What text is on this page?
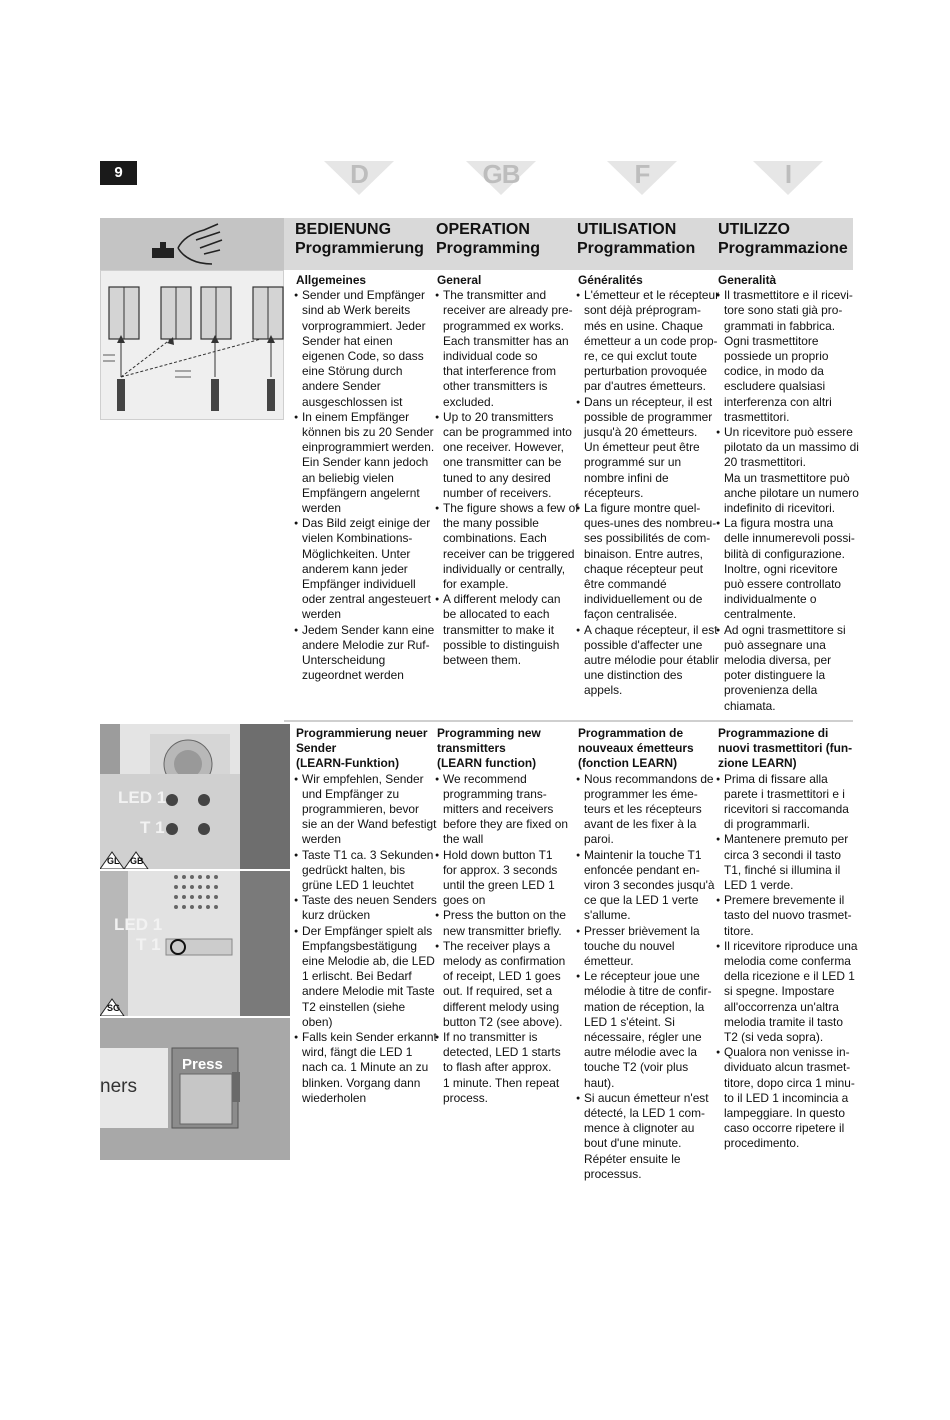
9	D	GB	F	I
BEDIENUNG
Programmierung
OPERATION
Programming
UTILISATION
Programmation
UTILIZZO
Programmazione
Allgemeines
● Sender und Empfänger
sind ab Werk bereits
vorprogrammiert. Jeder
Sender hat einen
eigenen Code, so dass
eine Störung durch
andere Sender
ausgeschlossen ist
● In einem Empfänger
können bis zu 20 Sender
einprogrammiert werden.
Ein Sender kann jedoch
an beliebig vielen
Empfängern angelernt
werden
● Das Bild zeigt einige der
vielen Kombinations-
Möglichkeiten. Unter
anderem kann jeder
Empfänger individuell
oder zentral angesteuert
werden
● Jedem Sender kann eine
andere Melodie zur Ruf-
Unterscheidung
zugeordnet werden
General
● The transmitter and
receiver are already pre-
programmed ex works.
Each transmitter has an
individual code so
that interference from
other transmitters is
excluded.
● Up to 20 transmitters
can be programmed into
one receiver. However,
one transmitter can be
tuned to any desired
number of receivers.
● The figure shows a few of
the many possible
combinations. Each
receiver can be triggered
individually or centrally,
for example.
● A different melody can
be allocated to each
transmitter to make it
possible to distinguish
between them.
Généralités
● L'émetteur et le récepteur
sont déjà préprogram-
més en usine. Chaque
émetteur a un code prop-
re, ce qui exclut toute
perturbation provoquée
par d'autres émetteurs.
● Dans un récepteur, il est
possible de programmer
jusqu'à 20 émetteurs.
Un émetteur peut être
programmé sur un
nombre infini de
récepteurs.
● La figure montre quel-
ques-unes des nombreu-
ses possibilités de com-
binaison. Entre autres,
chaque récepteur peut
être commandé
individuellement ou de
façon centralisée.
● A chaque récepteur, il est
possible d'affecter une
autre mélodie pour établir
une distinction des
appels.
Generalità
● Il trasmettitore e il ricevi-
tore sono stati già pro-
grammati in fabbrica.
Ogni trasmettitore
possiede un proprio
codice, in modo da
escludere qualsiasi
interferenza con altri
trasmettitori.
● Un ricevitore può essere
pilotato da un massimo di
20 trasmettitori.
Ma un trasmettitore può
anche pilotare un numero
indefinito di ricevitori.
● La figura mostra una
delle innumerevoli possi-
bilità di configurazione.
Inoltre, ogni ricevitore
può essere controllato
individualmente o
centralmente.
● Ad ogni trasmettitore si
può assegnare una
melodia diversa, per
poter distinguere la
provenienza della
chiamata.
LED 1
T 1
GL GB
LED 1
T 1
SG
ners
Press
Programmierung neuer
Sender
(LEARN-Funktion)
● Wir empfehlen, Sender
und Empfänger zu
programmieren, bevor
sie an der Wand befestigt
werden
● Taste T1 ca. 3 Sekunden
gedrückt halten, bis
grüne LED 1 leuchtet
● Taste des neuen Senders
kurz drücken
● Der Empfänger spielt als
Empfangsbestätigung
eine Melodie ab, die LED
1 erlischt. Bei Bedarf
andere Melodie mit Taste
T2 einstellen (siehe
oben)
● Falls kein Sender erkannt
wird, fängt die LED 1
nach ca. 1 Minute an zu
blinken. Vorgang dann
wiederholen
Programming new
transmitters
(LEARN function)
● We recommend
programming trans-
mitters and receivers
before they are fixed on
the wall
● Hold down button T1
for approx. 3 seconds
until the green LED 1
goes on
● Press the button on the
new transmitter briefly.
● The receiver plays a
melody as confirmation
of receipt, LED 1 goes
out. If required, set a
different melody using
button T2 (see above).
● If no transmitter is
detected, LED 1 starts
to flash after approx.
1 minute. Then repeat
process.
Programmation de
nouveaux émetteurs
(fonction LEARN)
● Nous recommandons de
programmer les éme-
teurs et les récepteurs
avant de les fixer à la
paroi.
● Maintenir la touche T1
enfoncée pendant en-
viron 3 secondes jusqu'à
ce que la LED 1 verte
s'allume.
● Presser brièvement la
touche du nouvel
émetteur.
● Le récepteur joue une
mélodie à titre de confir-
mation de réception, la
LED 1 s'éteint. Si
nécessaire, régler une
autre mélodie avec la
touche T2 (voir plus
haut).
● Si aucun émetteur n'est
détecté, la LED 1 com-
mence à clignoter au
bout d'une minute.
Répéter ensuite le
processus.
Programmazione di
nuovi trasmettitori (fun-
zione LEARN)
● Prima di fissare alla
parete i trasmettitori e i
ricevitori si raccomanda
di programmarli.
● Mantenere premuto per
circa 3 secondi il tasto
T1, finché si illumina il
LED 1 verde.
● Premere brevemente il
tasto del nuovo trasmet-
titore.
● Il ricevitore riproduce una
melodia come conferma
della ricezione e il LED 1
si spegne. Impostare
all'occorrenza un'altra
melodia tramite il tasto
T2 (si veda sopra).
● Qualora non venisse in-
dividuato alcun trasmet-
titore, dopo circa 1 minu-
to il LED 1 incomincia a
lampeggiare. In questo
caso occorre ripetere il
procedimento.
